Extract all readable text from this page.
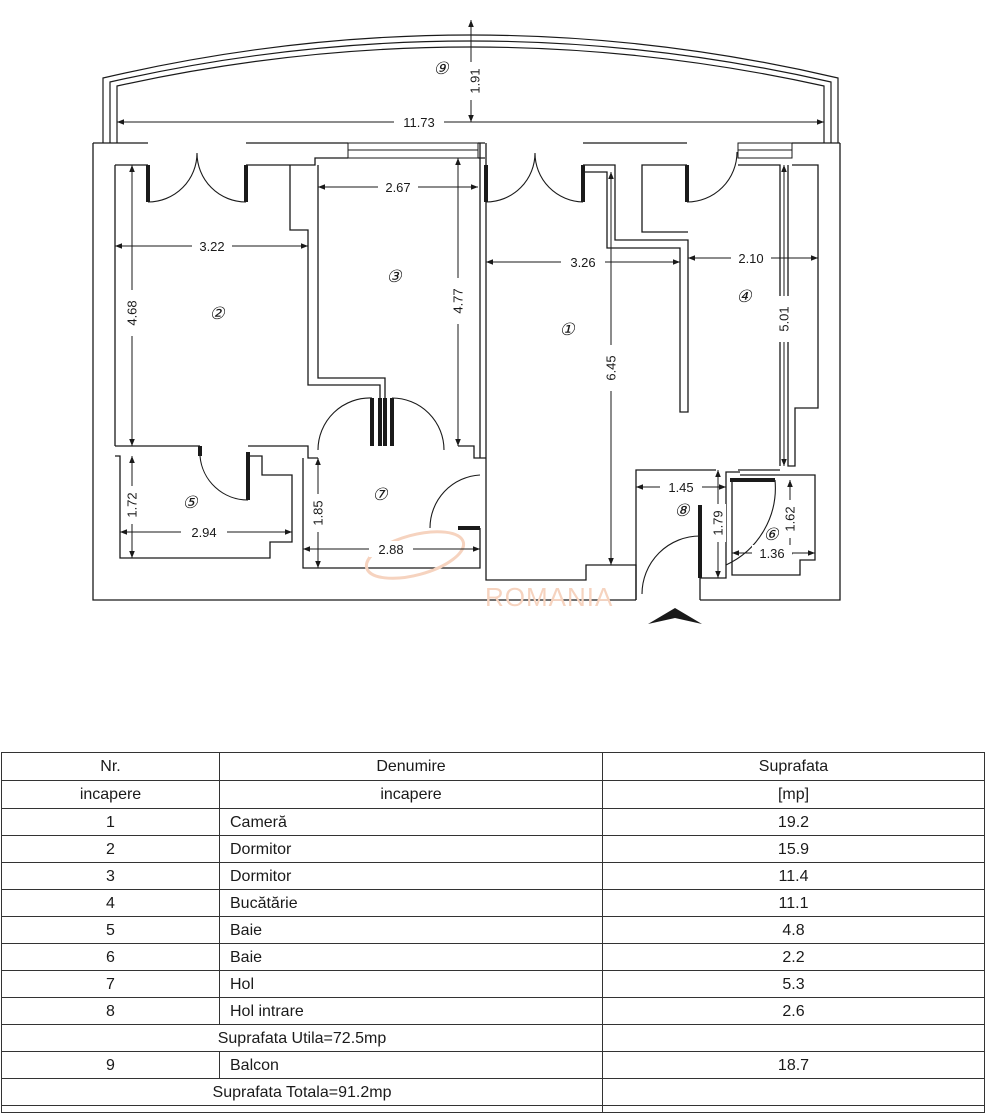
ROMANIA
1.91
11.73
2.67
3.22
3.26	2.10
4.68	4.77
5.01
6.45
1.72
2.94
1.85
2.88
1.45
1.79	1.62
1.36
⑨
③
②
④
①
⑤	⑦
⑧
⑥
Nr.	Denumire	Suprafata
incapere	incapere	[mp]
1	Cameră	19.2
2	Dormitor	15.9
3	Dormitor	11.4
4	Bucătărie	11.1
5	Baie	4.8
6	Baie	2.2
7	Hol	5.3
8	Hol intrare	2.6
Suprafata Utila=72.5mp		
9	Balcon	18.7
Suprafata Totala=91.2mp		
